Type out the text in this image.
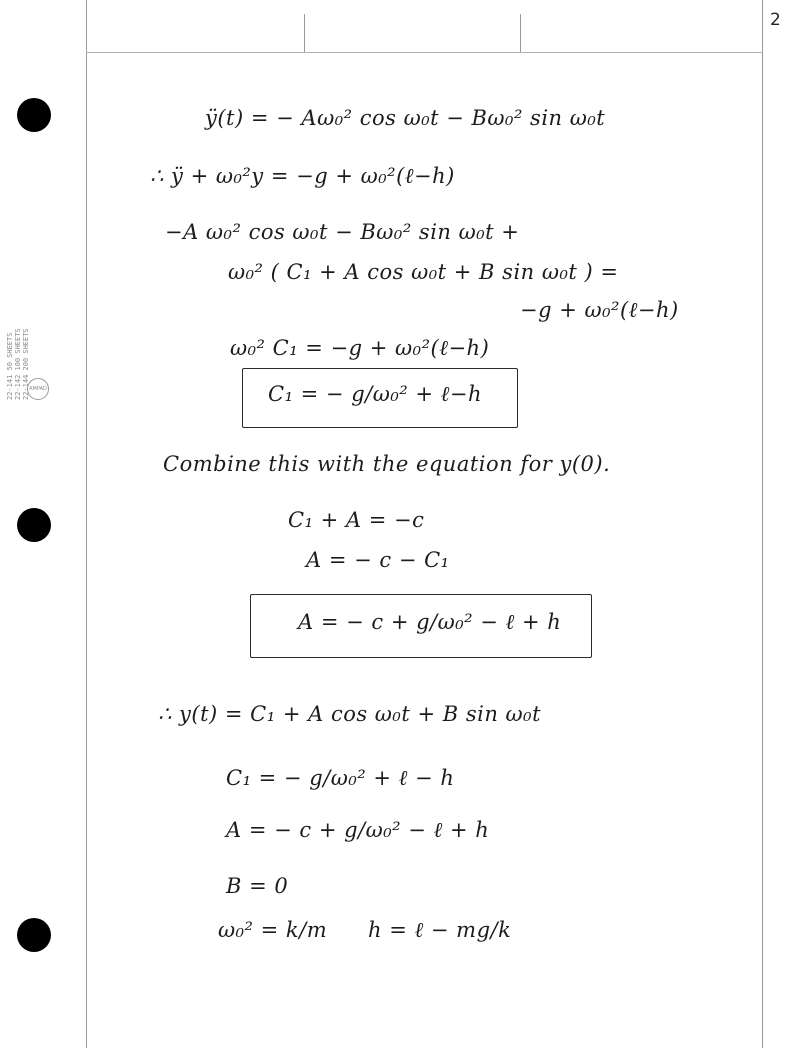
2
22-141 50 SHEETS 22-142 100 SHEETS 22-144 200 SHEETS AMPAD
ÿ(t) = − Aω₀² cos ω₀t − Bω₀² sin ω₀t
∴ ÿ + ω₀²y = −g + ω₀²(ℓ−h)
−A ω₀² cos ω₀t − Bω₀² sin ω₀t +
ω₀² ( C₁ + A cos ω₀t + B sin ω₀t ) =
−g + ω₀²(ℓ−h)
ω₀² C₁ = −g + ω₀²(ℓ−h)
C₁ = − g/ω₀² + ℓ−h
Combine this with the equation for y(0).
C₁ + A = −c
A = − c − C₁
A = − c + g/ω₀² − ℓ + h
∴ y(t) = C₁ + A cos ω₀t + B sin ω₀t
C₁ = − g/ω₀² + ℓ − h
A = − c + g/ω₀² − ℓ + h
B = 0
ω₀² = k/m h = ℓ − mg/k
